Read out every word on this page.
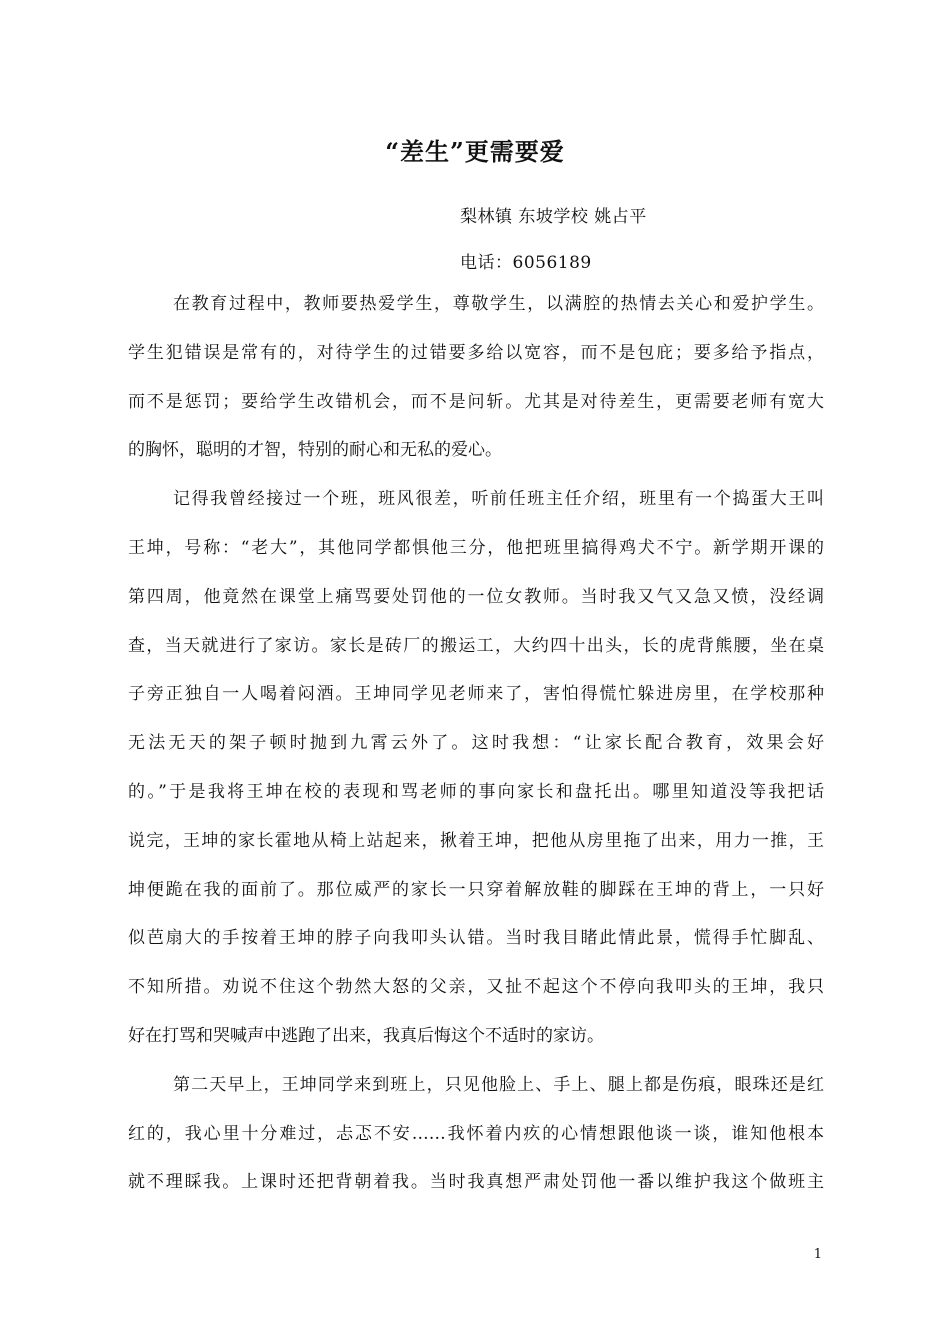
“差生”更需要爱
梨林镇 东坡学校 姚占平
电话：6056189
在教育过程中，教师要热爱学生，尊敬学生，以满腔的热情去关心和爱护学生。
学生犯错误是常有的，对待学生的过错要多给以宽容，而不是包庇；要多给予指点，
而不是惩罚；要给学生改错机会，而不是问斩。尤其是对待差生，更需要老师有宽大
的胸怀，聪明的才智，特别的耐心和无私的爱心。
记得我曾经接过一个班，班风很差，听前任班主任介绍，班里有一个捣蛋大王叫
王坤，号称：“老大”，其他同学都惧他三分，他把班里搞得鸡犬不宁。新学期开课的
第四周，他竟然在课堂上痛骂要处罚他的一位女教师。当时我又气又急又愤，没经调
查，当天就进行了家访。家长是砖厂的搬运工，大约四十出头，长的虎背熊腰，坐在桌
子旁正独自一人喝着闷酒。王坤同学见老师来了，害怕得慌忙躲进房里，在学校那种
无法无天的架子顿时抛到九霄云外了。这时我想：“让家长配合教育，效果会好
的。”于是我将王坤在校的表现和骂老师的事向家长和盘托出。哪里知道没等我把话
说完，王坤的家长霍地从椅上站起来，揪着王坤，把他从房里拖了出来，用力一推，王
坤便跪在我的面前了。那位威严的家长一只穿着解放鞋的脚踩在王坤的背上，一只好
似芭扇大的手按着王坤的脖子向我叩头认错。当时我目睹此情此景，慌得手忙脚乱、
不知所措。劝说不住这个勃然大怒的父亲，又扯不起这个不停向我叩头的王坤，我只
好在打骂和哭喊声中逃跑了出来，我真后悔这个不适时的家访。
第二天早上，王坤同学来到班上，只见他脸上、手上、腿上都是伤痕，眼珠还是红
红的，我心里十分难过，忐忑不安……我怀着内疚的心情想跟他谈一谈，谁知他根本
就不理睬我。上课时还把背朝着我。当时我真想严肃处罚他一番以维护我这个做班主
1
